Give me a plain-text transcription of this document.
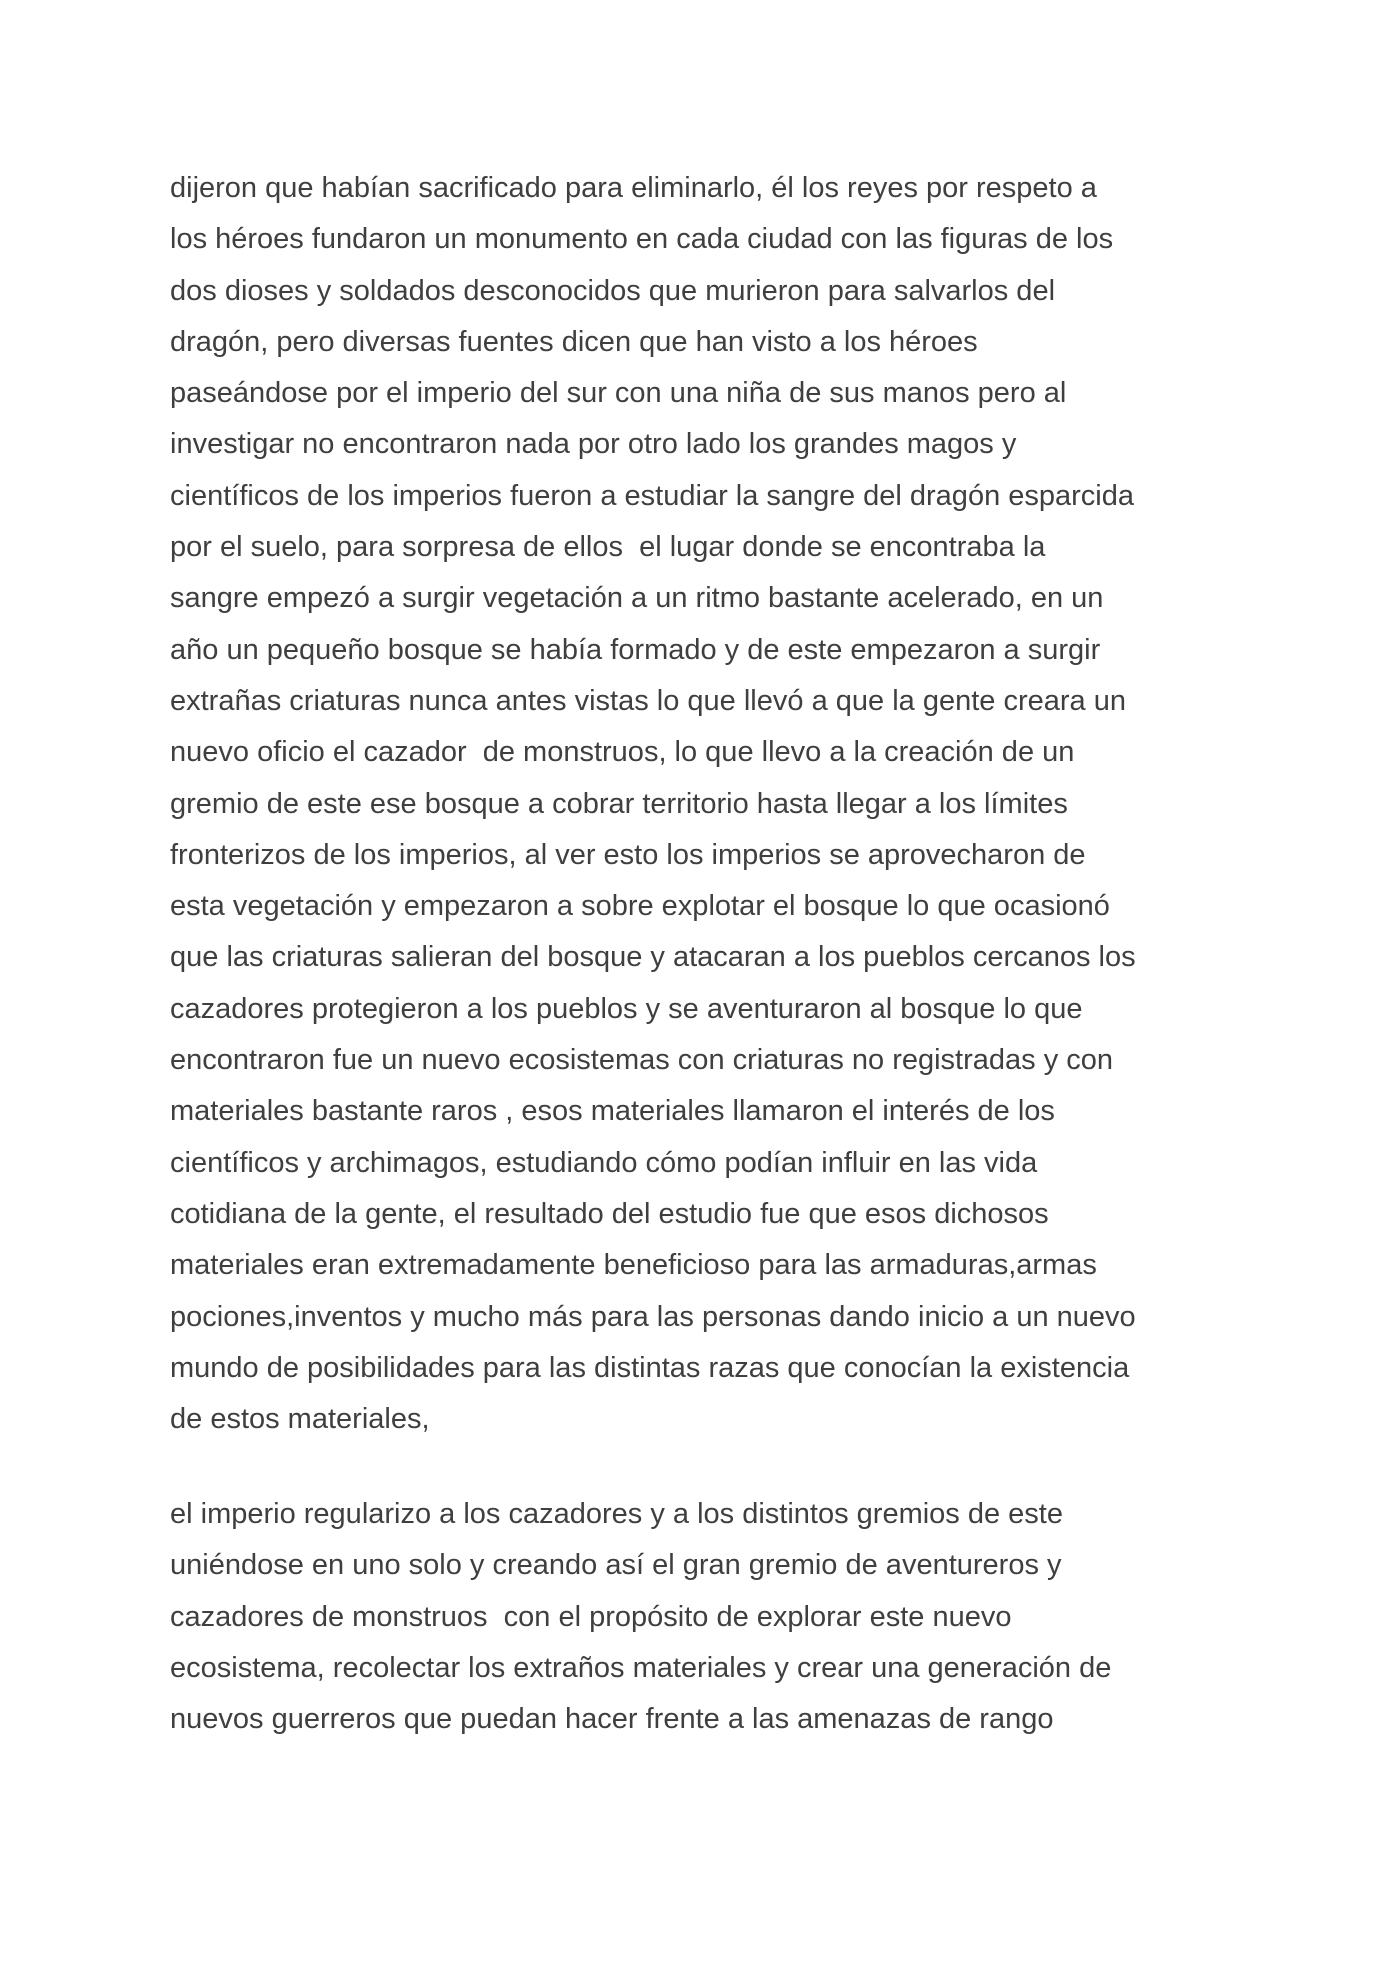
dijeron que habían sacrificado para eliminarlo, él los reyes por respeto a
los héroes fundaron un monumento en cada ciudad con las figuras de los
dos dioses y soldados desconocidos que murieron para salvarlos del
dragón, pero diversas fuentes dicen que han visto a los héroes
paseándose por el imperio del sur con una niña de sus manos pero al
investigar no encontraron nada por otro lado los grandes magos y
científicos de los imperios fueron a estudiar la sangre del dragón esparcida
por el suelo, para sorpresa de ellos  el lugar donde se encontraba la
sangre empezó a surgir vegetación a un ritmo bastante acelerado, en un
año un pequeño bosque se había formado y de este empezaron a surgir
extrañas criaturas nunca antes vistas lo que llevó a que la gente creara un
nuevo oficio el cazador  de monstruos, lo que llevo a la creación de un
gremio de este ese bosque a cobrar territorio hasta llegar a los límites
fronterizos de los imperios, al ver esto los imperios se aprovecharon de
esta vegetación y empezaron a sobre explotar el bosque lo que ocasionó
que las criaturas salieran del bosque y atacaran a los pueblos cercanos los
cazadores protegieron a los pueblos y se aventuraron al bosque lo que
encontraron fue un nuevo ecosistemas con criaturas no registradas y con
materiales bastante raros , esos materiales llamaron el interés de los
científicos y archimagos, estudiando cómo podían influir en las vida
cotidiana de la gente, el resultado del estudio fue que esos dichosos
materiales eran extremadamente beneficioso para las armaduras,armas
pociones,inventos y mucho más para las personas dando inicio a un nuevo
mundo de posibilidades para las distintas razas que conocían la existencia
de estos materiales,
el imperio regularizo a los cazadores y a los distintos gremios de este
uniéndose en uno solo y creando así el gran gremio de aventureros y
cazadores de monstruos  con el propósito de explorar este nuevo
ecosistema, recolectar los extraños materiales y crear una generación de
nuevos guerreros que puedan hacer frente a las amenazas de rango
